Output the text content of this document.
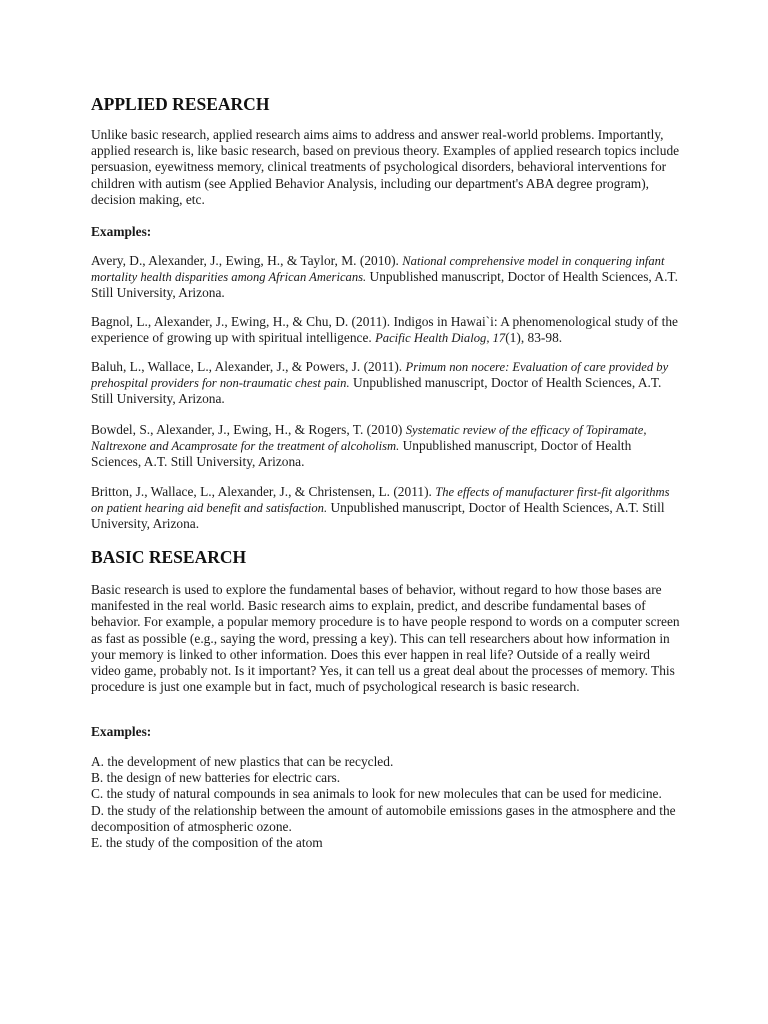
APPLIED RESEARCH

Unlike basic research, applied research aims aims to address and answer real-world problems. Importantly, applied research is, like basic research, based on previous theory. Examples of applied research topics include persuasion, eyewitness memory, clinical treatments of psychological disorders, behavioral interventions for children with autism (see Applied Behavior Analysis, including our department's ABA degree program), decision making, etc.

Examples:

Avery, D., Alexander, J., Ewing, H., & Taylor, M. (2010). National comprehensive model in conquering infant mortality health disparities among African Americans. Unpublished manuscript, Doctor of Health Sciences, A.T. Still University, Arizona.

Bagnol, L., Alexander, J., Ewing, H., & Chu, D. (2011). Indigos in Hawai`i: A phenomenological study of the experience of growing up with spiritual intelligence. Pacific Health Dialog, 17(1), 83-98.

Baluh, L., Wallace, L., Alexander, J., & Powers, J. (2011). Primum non nocere: Evaluation of care provided by prehospital providers for non-traumatic chest pain. Unpublished manuscript, Doctor of Health Sciences, A.T. Still University, Arizona.

Bowdel, S., Alexander, J., Ewing, H., & Rogers, T. (2010) Systematic review of the efficacy of Topiramate, Naltrexone and Acamprosate for the treatment of alcoholism. Unpublished manuscript, Doctor of Health Sciences, A.T. Still University, Arizona.

Britton, J., Wallace, L., Alexander, J., & Christensen, L. (2011). The effects of manufacturer first-fit algorithms on patient hearing aid benefit and satisfaction. Unpublished manuscript, Doctor of Health Sciences, A.T. Still University, Arizona.

BASIC RESEARCH

Basic research is used to explore the fundamental bases of behavior, without regard to how those bases are manifested in the real world. Basic research aims to explain, predict, and describe fundamental bases of behavior. For example, a popular memory procedure is to have people respond to words on a computer screen as fast as possible (e.g., saying the word, pressing a key). This can tell researchers about how information in your memory is linked to other information. Does this ever happen in real life? Outside of a really weird video game, probably not. Is it important? Yes, it can tell us a great deal about the processes of memory. This procedure is just one example but in fact, much of psychological research is basic research.

Examples:

A. the development of new plastics that can be recycled.
B. the design of new batteries for electric cars.
C. the study of natural compounds in sea animals to look for new molecules that can be used for medicine.
D. the study of the relationship between the amount of automobile emissions gases in the atmosphere and the decomposition of atmospheric ozone.
E. the study of the composition of the atom
